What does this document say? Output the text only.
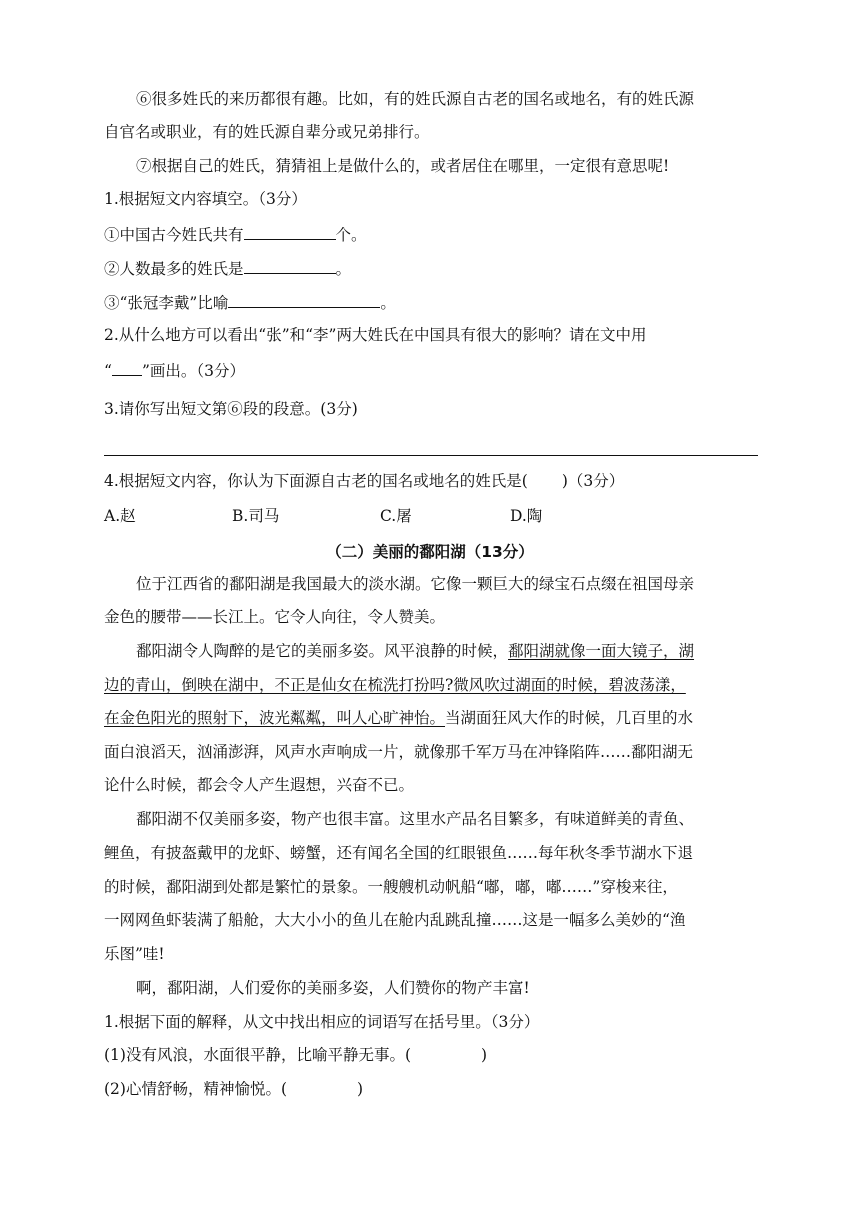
⑥很多姓氏的来历都很有趣。比如，有的姓氏源自古老的国名或地名，有的姓氏源
自官名或职业，有的姓氏源自辈分或兄弟排行。
⑦根据自己的姓氏，猜猜祖上是做什么的，或者居住在哪里，一定很有意思呢!
1.根据短文内容填空。（3分）
①中国古今姓氏共有	个。
②人数最多的姓氏是	。
③“张冠李戴”比喻	。
2.从什么地方可以看出“张”和“李”两大姓氏在中国具有很大的影响？请在文中用
“ ”画出。（3分）
3.请你写出短文第⑥段的段意。(3分)
4.根据短文内容，你认为下面源自古老的国名或地名的姓氏是( )（3分）
A.赵	B.司马	C.屠	D.陶
（二）美丽的鄱阳湖（13分）
位于江西省的鄱阳湖是我国最大的淡水湖。它像一颗巨大的绿宝石点缀在祖国母亲
金色的腰带——长江上。它令人向往，令人赞美。
鄱阳湖令人陶醉的是它的美丽多姿。风平浪静的时候，鄱阳湖就像一面大镜子，湖
边的青山，倒映在湖中，不正是仙女在梳洗打扮吗?微风吹过湖面的时候，碧波荡漾，
在金色阳光的照射下，波光粼粼，叫人心旷神怡。当湖面狂风大作的时候，几百里的水
面白浪滔天，汹涌澎湃，风声水声响成一片，就像那千军万马在冲锋陷阵……鄱阳湖无
论什么时候，都会令人产生遐想，兴奋不已。
鄱阳湖不仅美丽多姿，物产也很丰富。这里水产品名目繁多，有味道鲜美的青鱼、
鲤鱼，有披盔戴甲的龙虾、螃蟹，还有闻名全国的红眼银鱼……每年秋冬季节湖水下退
的时候，鄱阳湖到处都是繁忙的景象。一艘艘机动帆船“嘟，嘟，嘟……”穿梭来往，
一网网鱼虾装满了船舱，大大小小的鱼儿在舱内乱跳乱撞……这是一幅多么美妙的“渔
乐图”哇!
啊，鄱阳湖，人们爱你的美丽多姿，人们赞你的物产丰富!
1.根据下面的解释，从文中找出相应的词语写在括号里。（3分）
(1)没有风浪，水面很平静，比喻平静无事。(	)
(2)心情舒畅，精神愉悦。(	)
